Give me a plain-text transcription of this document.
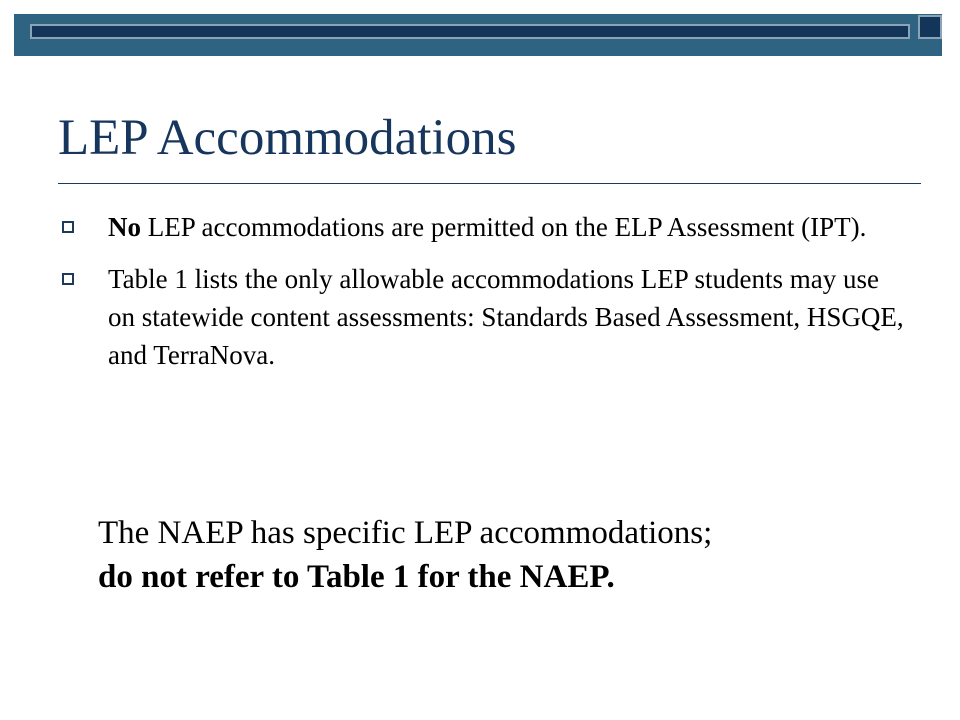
LEP Accommodations
No LEP accommodations are permitted on the ELP Assessment (IPT).
Table 1 lists the only allowable accommodations LEP students may use on statewide content assessments: Standards Based Assessment, HSGQE, and TerraNova.

The NAEP has specific LEP accommodations;
do not refer to Table 1 for the NAEP.
